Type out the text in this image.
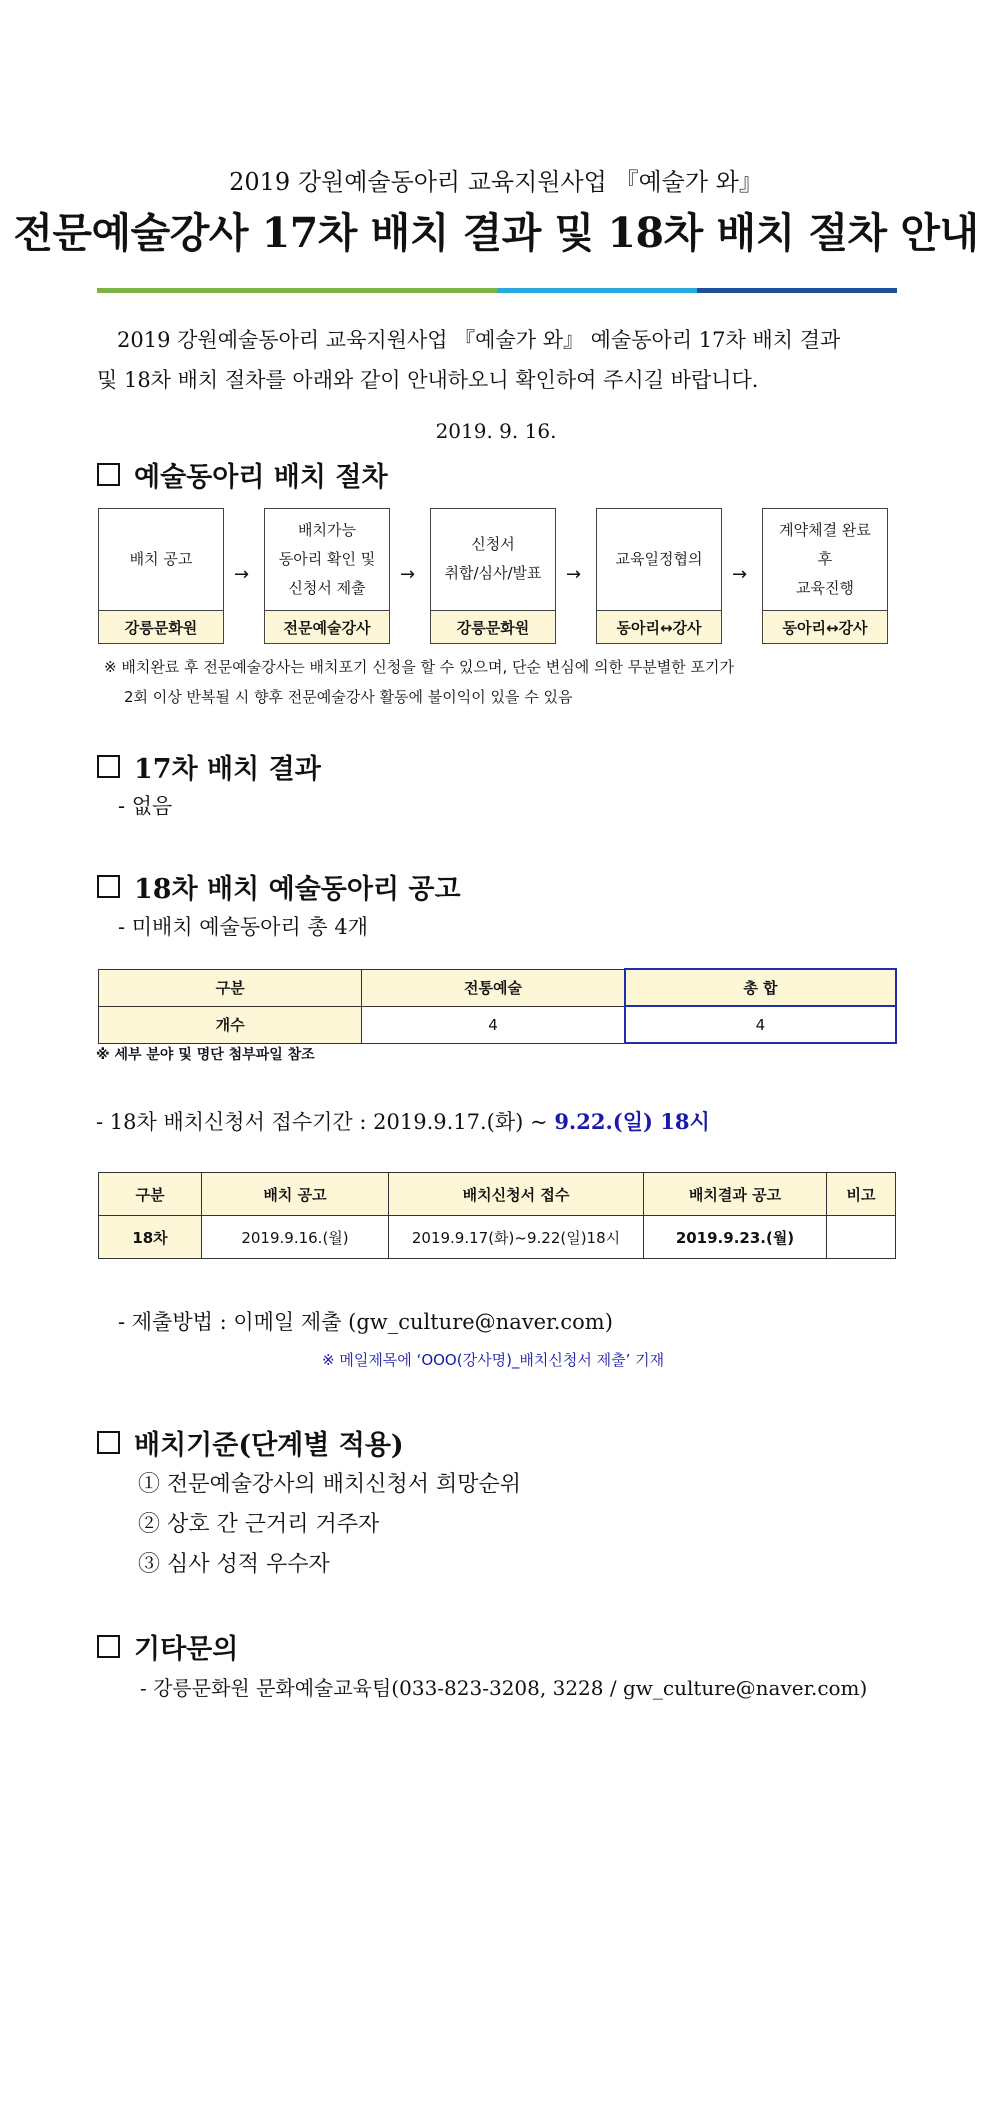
2019 강원예술동아리 교육지원사업 『예술가 와』
전문예술강사 17차 배치 결과 및 18차 배치 절차 안내
2019 강원예술동아리 교육지원사업 『예술가 와』 예술동아리 17차 배치 결과
및 18차 배치 절차를 아래와 같이 안내하오니 확인하여 주시길 바랍니다.
2019. 9. 16.
예술동아리 배치 절차
배치 공고
강릉문화원
→
배치가능
동아리 확인 및
신청서 제출
전문예술강사
→
신청서
취합/심사/발표
강릉문화원
→
교육일정협의
동아리↔강사
→
계약체결 완료
후
교육진행
동아리↔강사
※ 배치완료 후 전문예술강사는 배치포기 신청을 할 수 있으며, 단순 변심에 의한 무분별한 포기가
2회 이상 반복될 시 향후 전문예술강사 활동에 불이익이 있을 수 있음
17차 배치 결과
- 없음
18차 배치 예술동아리 공고
- 미배치 예술동아리 총 4개
구분	전통예술	총 합
개수	4	4
※ 세부 분야 및 명단 첨부파일 참조
- 18차 배치신청서 접수기간 : 2019.9.17.(화) ~ 9.22.(일) 18시
구분	배치 공고	배치신청서 접수	배치결과 공고	비고
18차	2019.9.16.(월)	2019.9.17(화)~9.22(일)18시	2019.9.23.(월)	
- 제출방법 : 이메일 제출 (gw_culture@naver.com)
※ 메일제목에 ‘OOO(강사명)_배치신청서 제출’ 기재
배치기준(단계별 적용)
① 전문예술강사의 배치신청서 희망순위
② 상호 간 근거리 거주자
③ 심사 성적 우수자
기타문의
- 강릉문화원 문화예술교육팀(033-823-3208, 3228 / gw_culture@naver.com)
